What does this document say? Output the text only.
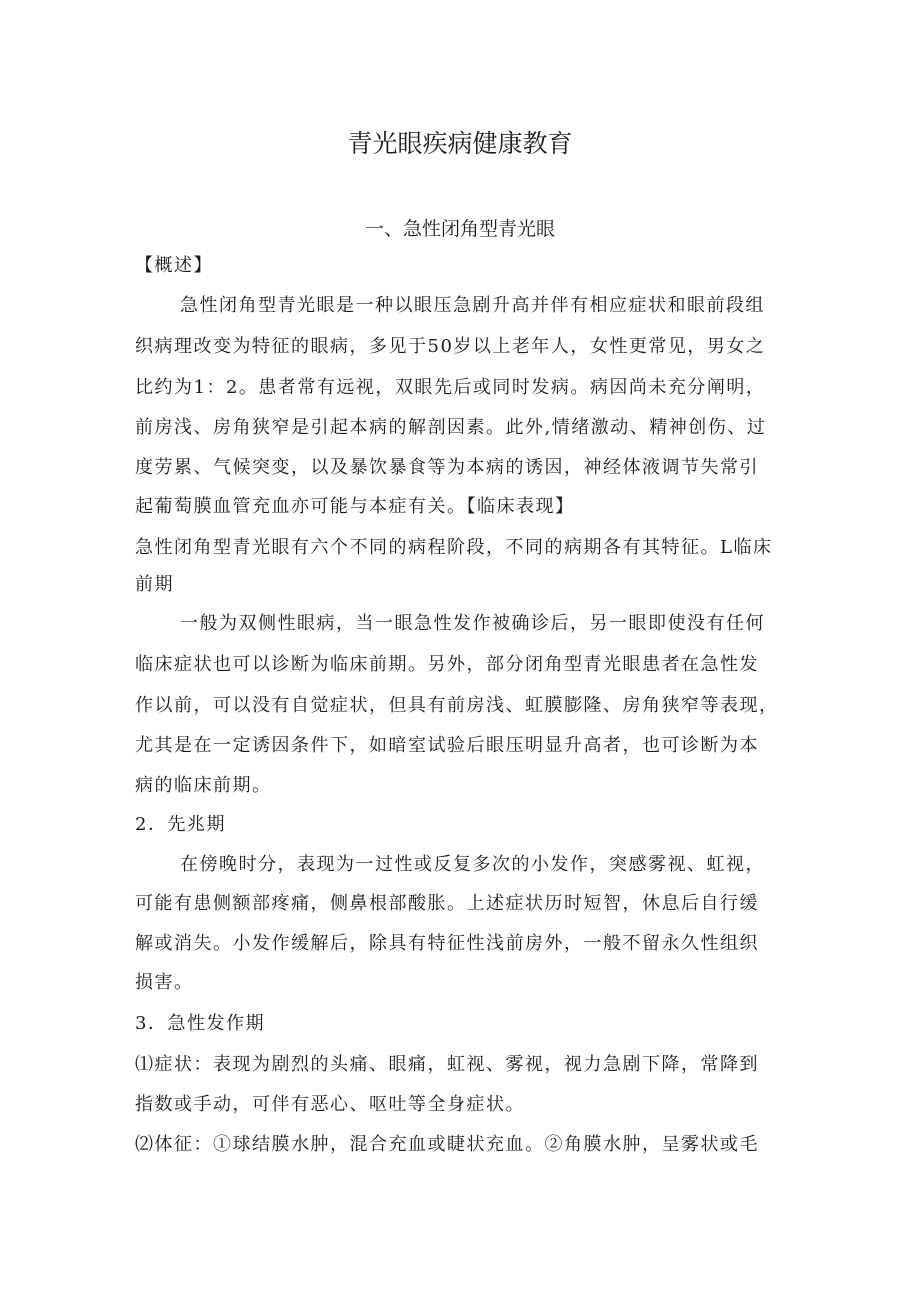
青光眼疾病健康教育
一、急性闭角型青光眼
【概述】
急性闭角型青光眼是一种以眼压急剧升高并伴有相应症状和眼前段组
织病理改变为特征的眼病，多见于50岁以上老年人，女性更常见，男女之
比约为1：2。患者常有远视，双眼先后或同时发病。病因尚未充分阐明，
前房浅、房角狭窄是引起本病的解剖因素。此外,情绪激动、精神创伤、过
度劳累、气候突变，以及暴饮暴食等为本病的诱因，神经体液调节失常引
起葡萄膜血管充血亦可能与本症有关。【临床表现】
急性闭角型青光眼有六个不同的病程阶段，不同的病期各有其特征。L临床
前期
一般为双侧性眼病，当一眼急性发作被确诊后，另一眼即使没有任何
临床症状也可以诊断为临床前期。另外，部分闭角型青光眼患者在急性发
作以前，可以没有自觉症状，但具有前房浅、虹膜膨隆、房角狭窄等表现，
尤其是在一定诱因条件下，如暗室试验后眼压明显升高者，也可诊断为本
病的临床前期。
2．先兆期
在傍晚时分，表现为一过性或反复多次的小发作，突感雾视、虹视，
可能有患侧额部疼痛，侧鼻根部酸胀。上述症状历时短智，休息后自行缓
解或消失。小发作缓解后，除具有特征性浅前房外，一般不留永久性组织
损害。
3．急性发作期
⑴症状：表现为剧烈的头痛、眼痛，虹视、雾视，视力急剧下降，常降到
指数或手动，可伴有恶心、呕吐等全身症状。
⑵体征：①球结膜水肿，混合充血或睫状充血。②角膜水肿，呈雾状或毛
